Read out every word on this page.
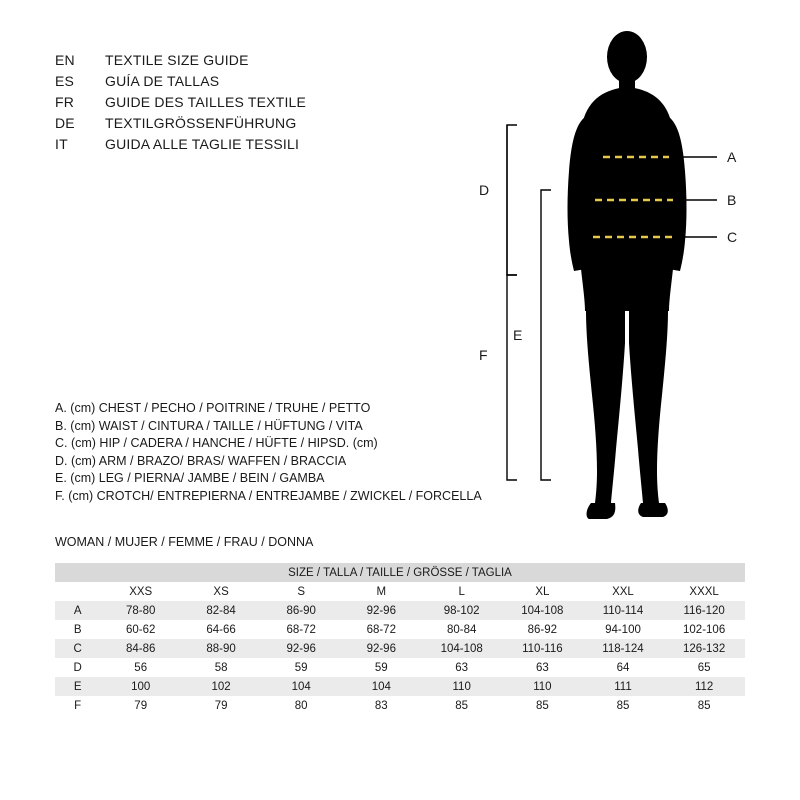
EN	TEXTILE SIZE GUIDE
ES	GUÍA DE TALLAS
FR	GUIDE DES TAILLES TEXTILE
DE	TEXTILGRÖSSENFÜHRUNG
IT	GUIDA ALLE TAGLIE TESSILI
A
B
C
D
E
F
A. (cm) CHEST / PECHO / POITRINE / TRUHE / PETTO
B. (cm) WAIST / CINTURA / TAILLE / HÜFTUNG / VITA
C. (cm) HIP / CADERA / HANCHE / HÜFTE / HIPSD. (cm)
D. (cm) ARM / BRAZO/ BRAS/ WAFFEN / BRACCIA
E. (cm) LEG / PIERNA/ JAMBE / BEIN / GAMBA
F. (cm) CROTCH/ ENTREPIERNA / ENTREJAMBE / ZWICKEL / FORCELLA
WOMAN / MUJER / FEMME / FRAU / DONNA
SIZE / TALLA / TAILLE / GRÖSSE / TAGLIA								
	XXS	XS	S	M	L	XL	XXL	XXXL
A	78-80	82-84	86-90	92-96	98-102	104-108	110-114	116-120
B	60-62	64-66	68-72	68-72	80-84	86-92	94-100	102-106
C	84-86	88-90	92-96	92-96	104-108	110-116	118-124	126-132
D	56	58	59	59	63	63	64	65
E	100	102	104	104	110	110	111	112
F	79	79	80	83	85	85	85	85
